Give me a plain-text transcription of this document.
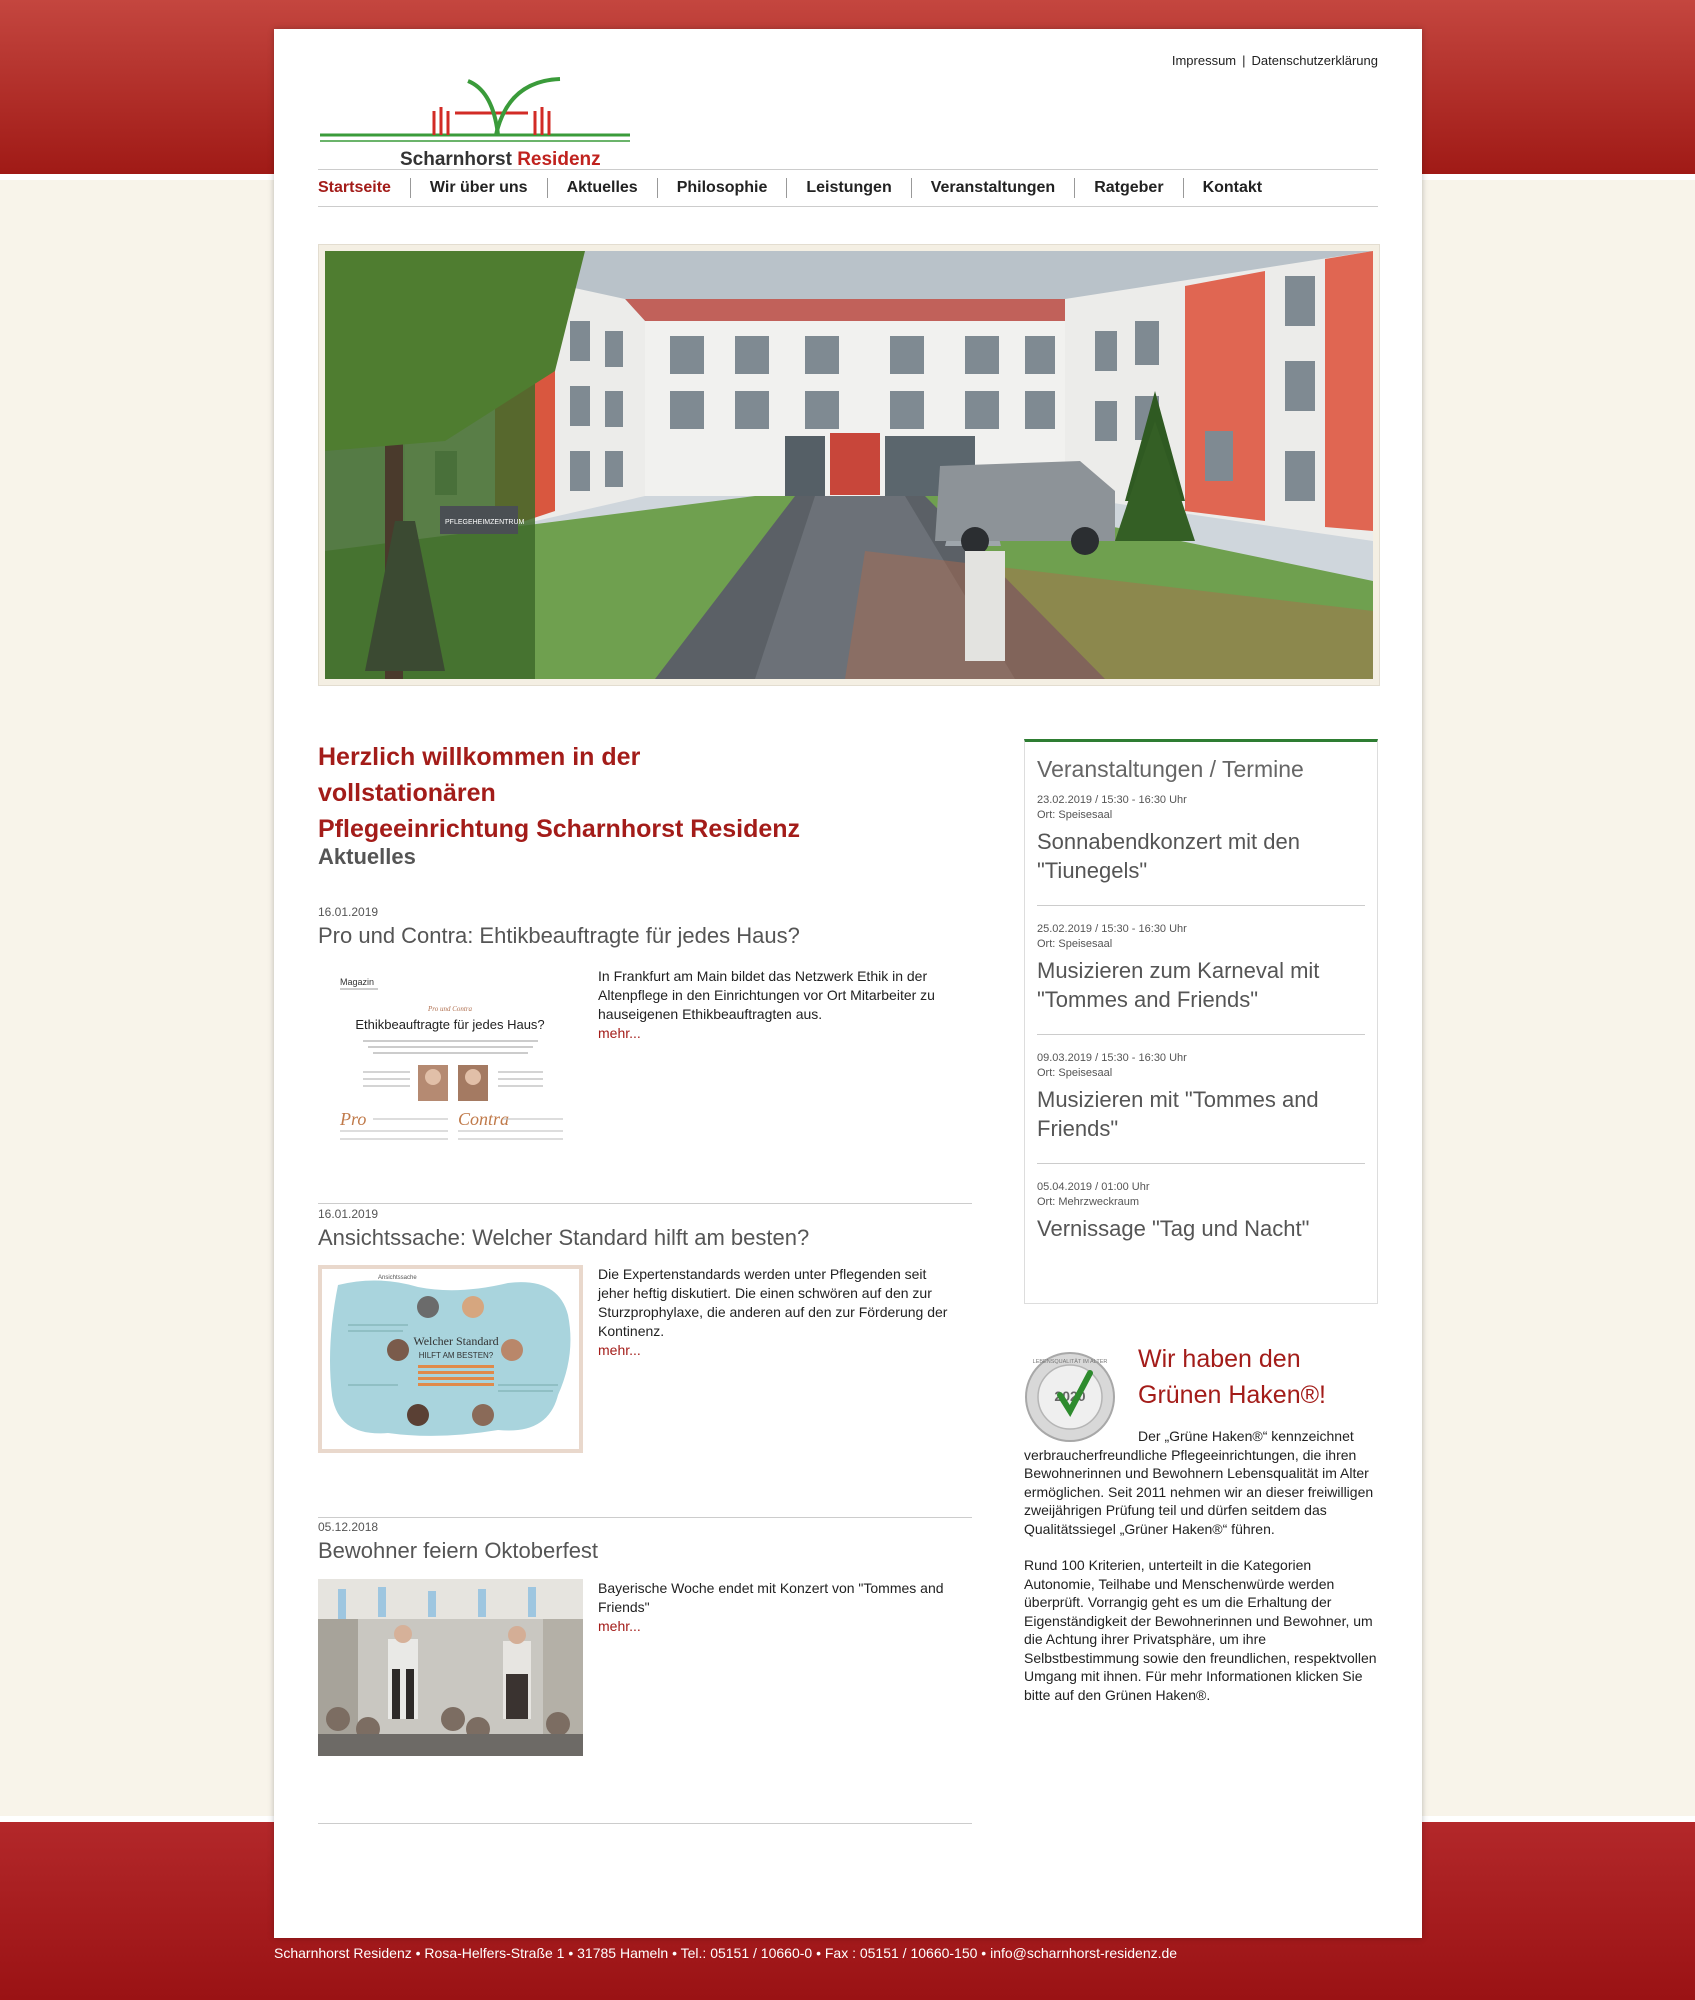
Impressum | Datenschutzerklärung
Scharnhorst Residenz
Startseite	Wir über uns	Aktuelles	Philosophie	Leistungen	Veranstaltungen	Ratgeber	Kontakt
PFLEGEHEIMZENTRUM
Herzlich willkommen in der vollstationären
Pflegeeinrichtung Scharnhorst Residenz
Aktuelles
16.01.2019
Pro und Contra: Ehtikbeauftragte für jedes Haus?
Magazin
Pro und Contra
Ethikbeauftragte für jedes Haus?
Pro	Contra
In Frankfurt am Main bildet das Netzwerk Ethik in der Altenpflege in den Einrichtungen vor Ort Mitarbeiter zu hauseigenen Ethikbeauftragten aus.
mehr...
16.01.2019
Ansichtssache: Welcher Standard hilft am besten?
Ansichtssache
Welcher Standard
HILFT AM BESTEN?
Die Expertenstandards werden unter Pflegenden seit jeher heftig diskutiert. Die einen schwören auf den zur Sturzprophylaxe, die anderen auf den zur Förderung der Kontinenz.
mehr...
05.12.2018
Bewohner feiern Oktoberfest
Bayerische Woche endet mit Konzert von "Tommes and Friends"
mehr...
Veranstaltungen / Termine
23.02.2019 / 15:30 - 16:30 Uhr
Ort: Speisesaal
Sonnabendkonzert mit den "Tiunegels"
25.02.2019 / 15:30 - 16:30 Uhr
Ort: Speisesaal
Musizieren zum Karneval mit "Tommes and Friends"
09.03.2019 / 15:30 - 16:30 Uhr
Ort: Speisesaal
Musizieren mit "Tommes and Friends"
05.04.2019 / 01:00 Uhr
Ort: Mehrzweckraum
Vernissage "Tag und Nacht"
LEBENSQUALITÄT IM ALTER
2020
Wir haben den
Grünen Haken®!

Der „Grüne Haken®“ kennzeichnet verbraucherfreundliche Pflegeeinrichtungen, die ihren Bewohnerinnen und Bewohnern Lebensqualität im Alter ermöglichen. Seit 2011 nehmen wir an dieser freiwilligen zweijährigen Prüfung teil und dürfen seitdem das Qualitätssiegel „Grüner Haken®“ führen.

Rund 100 Kriterien, unterteilt in die Kategorien Autonomie, Teilhabe und Menschenwürde werden überprüft. Vorrangig geht es um die Erhaltung der Eigenständigkeit der Bewohnerinnen und Bewohner, um die Achtung ihrer Privatsphäre, um ihre Selbstbestimmung sowie den freundlichen, respektvollen Umgang mit ihnen. Für mehr Informationen klicken Sie bitte auf den Grünen Haken®.

Scharnhorst Residenz • Rosa-Helfers-Straße 1 • 31785 Hameln • Tel.: 05151 / 10660-0 • Fax : 05151 / 10660-150 • info@scharnhorst-residenz.de
